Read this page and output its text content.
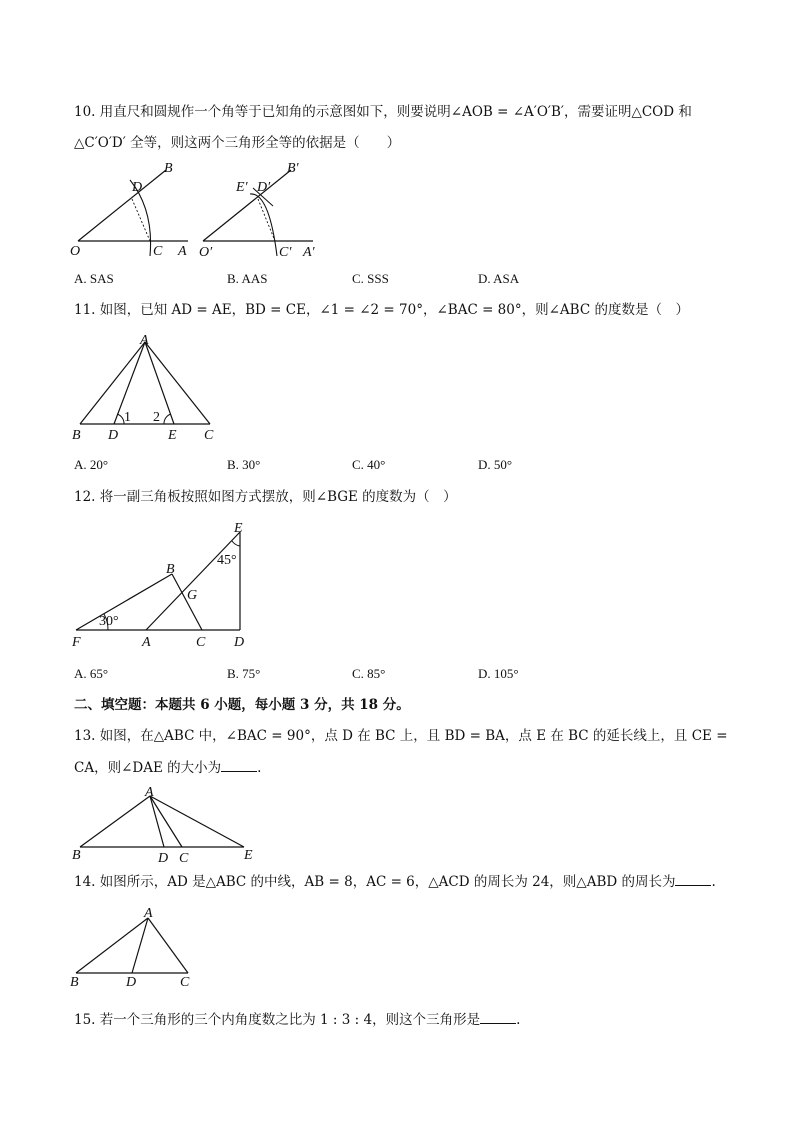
10. 用直尺和圆规作一个角等于已知角的示意图如下，则要说明∠AOB = ∠A′O′B′，需要证明△COD 和
△C′O′D′ 全等，则这两个三角形全等的依据是（　　）
B
D
O	C A
B′
E′ D′
O′	C′ A′
A. SAS	B. AAS	C. SSS	D. ASA
11. 如图，已知 AD = AE，BD = CE，∠1 = ∠2 = 70°，∠BAC = 80°，则∠ABC 的度数是（　）
A
B D	E C
1 2
A. 20°	B. 30°	C. 40°	D. 50°
12. 将一副三角板按照如图方式摆放，则∠BGE 的度数为（　）
E
B
G
F	A	C D
45°
30°
A. 65°	B. 75°	C. 85°	D. 105°
二、填空题：本题共 6 小题，每小题 3 分，共 18 分。
13. 如图，在△ABC 中，∠BAC = 90°，点 D 在 BC 上，且 BD = BA，点 E 在 BC 的延长线上，且 CE =
CA，则∠DAE 的大小为	.
A
B	D C	E
14. 如图所示，AD 是△ABC 的中线，AB = 8，AC = 6，△ACD 的周长为 24，则△ABD 的周长为	.
A
B	D	C
15. 若一个三角形的三个内角度数之比为 1 : 3 : 4，则这个三角形是	.
